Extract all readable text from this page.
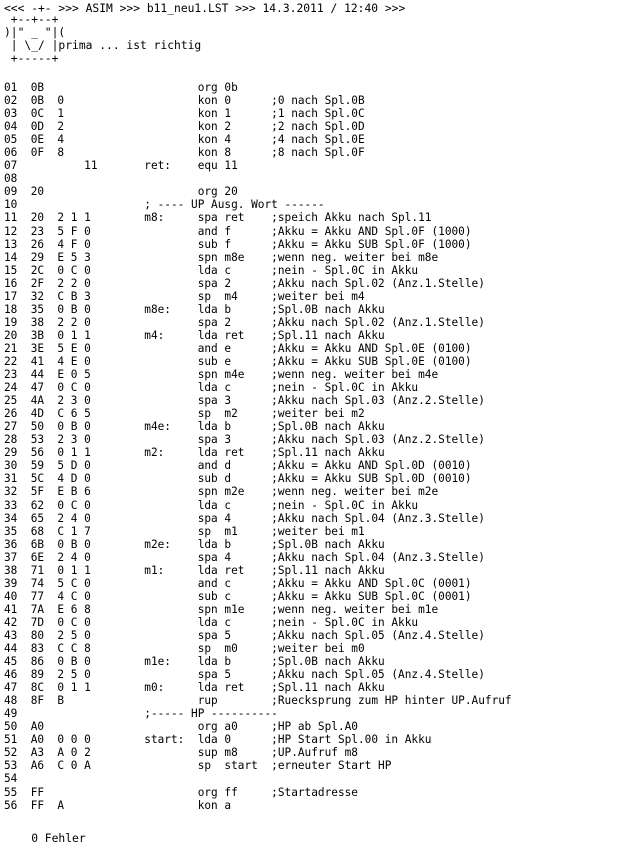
<<< -+- >>> ASIM >>> b11_neu1.LST >>> 14.3.2011 / 12:40 >>>
+--+--+
)|" _ "|(
| \_/ |prima ... ist richtig
+-----+
01  0B                       org 0b
02  0B  0                    kon 0      ;0 nach Spl.0B
03  0C  1                    kon 1      ;1 nach Spl.0C
04  0D  2                    kon 2      ;2 nach Spl.0D
05  0E  4                    kon 4      ;4 nach Spl.0E
06  0F  8                    kon 8      ;8 nach Spl.0F
07          11       ret:    equ 11
08
09  20                       org 20
10                   ; ---- UP Ausg. Wort ------
11  20  2 1 1        m8:     spa ret    ;speich Akku nach Spl.11
12  23  5 F 0                and f      ;Akku = Akku AND Spl.0F (1000)
13  26  4 F 0                sub f      ;Akku = Akku SUB Spl.0F (1000)
14  29  E 5 3                spn m8e    ;wenn neg. weiter bei m8e
15  2C  0 C 0                lda c      ;nein - Spl.0C in Akku
16  2F  2 2 0                spa 2      ;Akku nach Spl.02 (Anz.1.Stelle)
17  32  C B 3                sp  m4     ;weiter bei m4
18  35  0 B 0        m8e:    lda b      ;Spl.0B nach Akku
19  38  2 2 0                spa 2      ;Akku nach Spl.02 (Anz.1.Stelle)
20  3B  0 1 1        m4:     lda ret    ;Spl.11 nach Akku
21  3E  5 E 0                and e      ;Akku = Akku AND Spl.0E (0100)
22  41  4 E 0                sub e      ;Akku = Akku SUB Spl.0E (0100)
23  44  E 0 5                spn m4e    ;wenn neg. weiter bei m4e
24  47  0 C 0                lda c      ;nein - Spl.0C in Akku
25  4A  2 3 0                spa 3      ;Akku nach Spl.03 (Anz.2.Stelle)
26  4D  C 6 5                sp  m2     ;weiter bei m2
27  50  0 B 0        m4e:    lda b      ;Spl.0B nach Akku
28  53  2 3 0                spa 3      ;Akku nach Spl.03 (Anz.2.Stelle)
29  56  0 1 1        m2:     lda ret    ;Spl.11 nach Akku
30  59  5 D 0                and d      ;Akku = Akku AND Spl.0D (0010)
31  5C  4 D 0                sub d      ;Akku = Akku SUB Spl.0D (0010)
32  5F  E B 6                spn m2e    ;wenn neg. weiter bei m2e
33  62  0 C 0                lda c      ;nein - Spl.0C in Akku
34  65  2 4 0                spa 4      ;Akku nach Spl.04 (Anz.3.Stelle)
35  68  C 1 7                sp  m1     ;weiter bei m1
36  6B  0 B 0        m2e:    lda b      ;Spl.0B nach Akku
37  6E  2 4 0                spa 4      ;Akku nach Spl.04 (Anz.3.Stelle)
38  71  0 1 1        m1:     lda ret    ;Spl.11 nach Akku
39  74  5 C 0                and c      ;Akku = Akku AND Spl.0C (0001)
40  77  4 C 0                sub c      ;Akku = Akku SUB Spl.0C (0001)
41  7A  E 6 8                spn m1e    ;wenn neg. weiter bei m1e
42  7D  0 C 0                lda c      ;nein - Spl.0C in Akku
43  80  2 5 0                spa 5      ;Akku nach Spl.05 (Anz.4.Stelle)
44  83  C C 8                sp  m0     ;weiter bei m0
45  86  0 B 0        m1e:    lda b      ;Spl.0B nach Akku
46  89  2 5 0                spa 5      ;Akku nach Spl.05 (Anz.4.Stelle)
47  8C  0 1 1        m0:     lda ret    ;Spl.11 nach Akku
48  8F  B                    rup        ;Ruecksprung zum HP hinter UP.Aufruf
49                   ;----- HP ----------
50  A0                       org a0     ;HP ab Spl.A0
51  A0  0 0 0        start:  lda 0      ;HP Start Spl.00 in Akku
52  A3  A 0 2                sup m8     ;UP.Aufruf m8
53  A6  C 0 A                sp  start  ;erneuter Start HP
54
55  FF                       org ff     ;Startadresse
56  FF  A                    kon a
0 Fehler
